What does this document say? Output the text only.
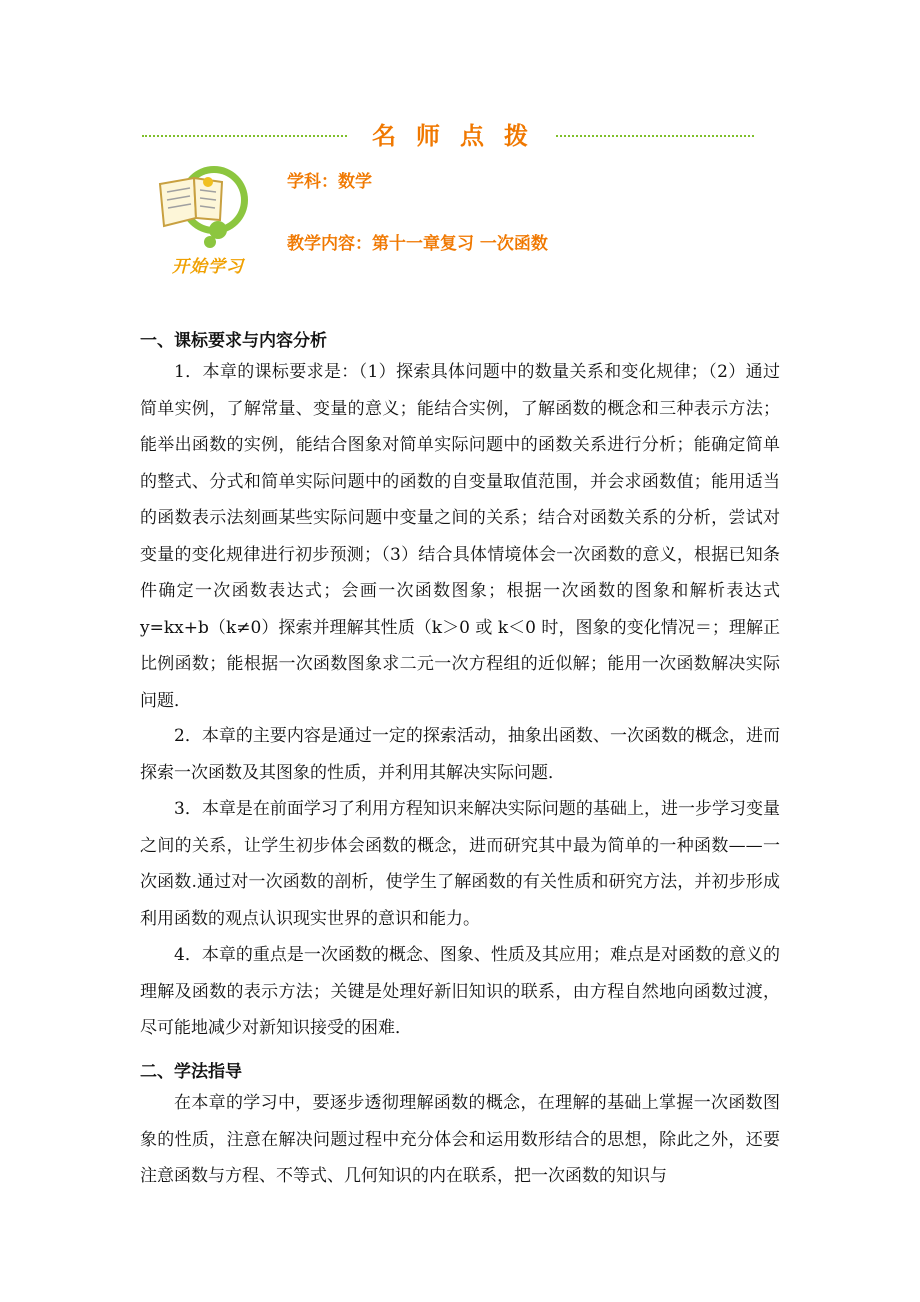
名师点拨
开始学习
学科：数学
教学内容：第十一章复习 一次函数
一、课标要求与内容分析

1．本章的课标要求是：（1）探索具体问题中的数量关系和变化规律；（2）通过简单实例，了解常量、变量的意义；能结合实例，了解函数的概念和三种表示方法；能举出函数的实例，能结合图象对简单实际问题中的函数关系进行分析；能确定简单的整式、分式和简单实际问题中的函数的自变量取值范围，并会求函数值；能用适当的函数表示法刻画某些实际问题中变量之间的关系；结合对函数关系的分析，尝试对变量的变化规律进行初步预测；（3）结合具体情境体会一次函数的意义，根据已知条件确定一次函数表达式；会画一次函数图象；根据一次函数的图象和解析表达式 y=kx+b（k≠0）探索并理解其性质（k＞0 或 k＜0 时，图象的变化情况＝；理解正比例函数；能根据一次函数图象求二元一次方程组的近似解；能用一次函数解决实际问题．

2．本章的主要内容是通过一定的探索活动，抽象出函数、一次函数的概念，进而探索一次函数及其图象的性质，并利用其解决实际问题．

3．本章是在前面学习了利用方程知识来解决实际问题的基础上，进一步学习变量之间的关系，让学生初步体会函数的概念，进而研究其中最为简单的一种函数——一次函数.通过对一次函数的剖析，使学生了解函数的有关性质和研究方法，并初步形成利用函数的观点认识现实世界的意识和能力。

4．本章的重点是一次函数的概念、图象、性质及其应用；难点是对函数的意义的理解及函数的表示方法；关键是处理好新旧知识的联系，由方程自然地向函数过渡，尽可能地减少对新知识接受的困难．

二、学法指导

在本章的学习中，要逐步透彻理解函数的概念，在理解的基础上掌握一次函数图象的性质，注意在解决问题过程中充分体会和运用数形结合的思想，除此之外，还要注意函数与方程、不等式、几何知识的内在联系，把一次函数的知识与
